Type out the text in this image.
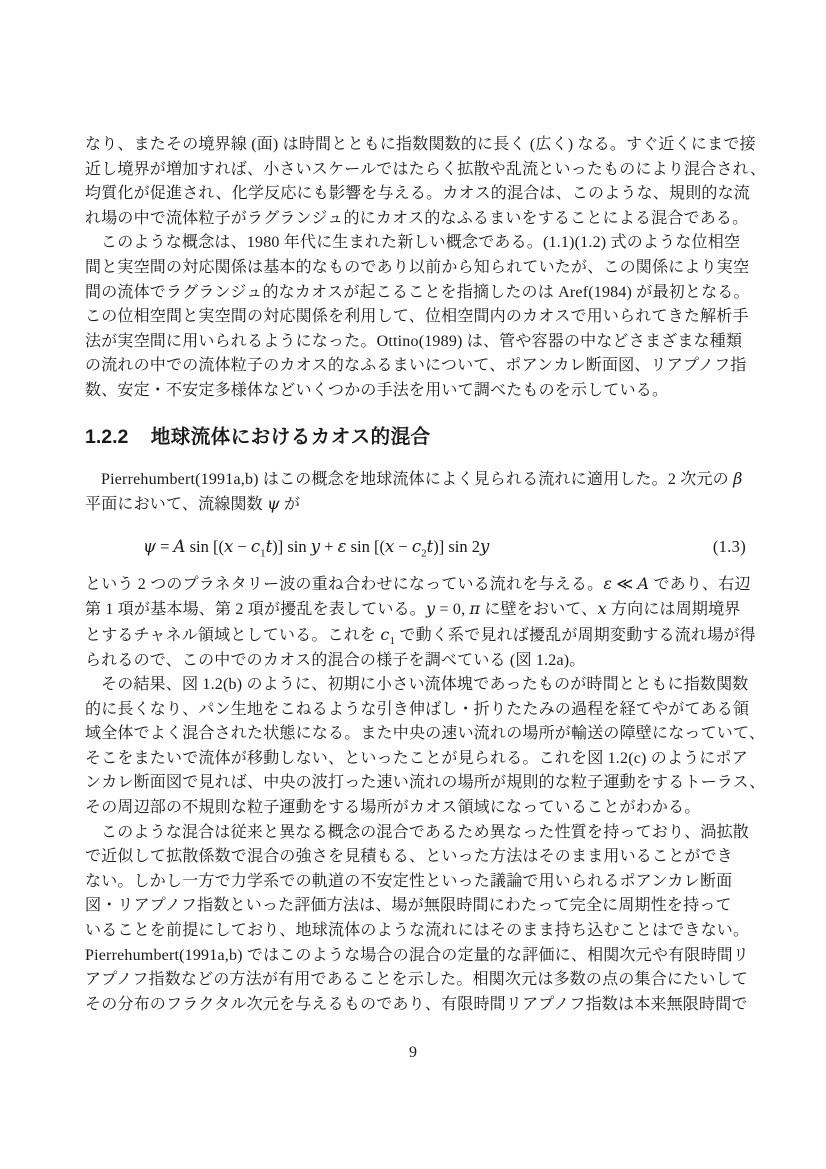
なり、またその境界線 (面) は時間とともに指数関数的に長く (広く) なる。すぐ近くにまで接
近し境界が増加すれば、小さいスケールではたらく拡散や乱流といったものにより混合され、
均質化が促進され、化学反応にも影響を与える。カオス的混合は、このような、規則的な流
れ場の中で流体粒子がラグランジュ的にカオス的なふるまいをすることによる混合である。
このような概念は、1980 年代に生まれた新しい概念である。(1.1)(1.2) 式のような位相空
間と実空間の対応関係は基本的なものであり以前から知られていたが、この関係により実空
間の流体でラグランジュ的なカオスが起こることを指摘したのは Aref(1984) が最初となる。
この位相空間と実空間の対応関係を利用して、位相空間内のカオスで用いられてきた解析手
法が実空間に用いられるようになった。Ottino(1989) は、管や容器の中などさまざまな種類
の流れの中での流体粒子のカオス的なふるまいについて、ポアンカレ断面図、リアプノフ指
数、安定・不安定多様体などいくつかの手法を用いて調べたものを示している。
1.2.2 地球流体におけるカオス的混合
Pierrehumbert(1991a,b) はこの概念を地球流体によく見られる流れに適用した。2 次元の β
平面において、流線関数 ψ が
ψ = A $\sin [(x - c_1t)]$ sin y + ε $\sin [(x - c_2t)]$ sin 2y	(1.3)
という 2 つのプラネタリー波の重ね合わせになっている流れを与える。ε ≪ A であり、右辺
第 1 項が基本場、第 2 項が擾乱を表している。y = 0, π に壁をおいて、x 方向には周期境界
とするチャネル領域としている。これを $c_1$ で動く系で見れば擾乱が周期変動する流れ場が得
られるので、この中でのカオス的混合の様子を調べている (図 1.2a)。
その結果、図 1.2(b) のように、初期に小さい流体塊であったものが時間とともに指数関数
的に長くなり、パン生地をこねるような引き伸ばし・折りたたみの過程を経てやがてある領
域全体でよく混合された状態になる。また中央の速い流れの場所が輸送の障壁になっていて、
そこをまたいで流体が移動しない、といったことが見られる。これを図 1.2(c) のようにポア
ンカレ断面図で見れば、中央の波打った速い流れの場所が規則的な粒子運動をするトーラス、
その周辺部の不規則な粒子運動をする場所がカオス領域になっていることがわかる。
このような混合は従来と異なる概念の混合であるため異なった性質を持っており、渦拡散
で近似して拡散係数で混合の強さを見積もる、といった方法はそのまま用いることができ
ない。しかし一方で力学系での軌道の不安定性といった議論で用いられるポアンカレ断面
図・リアプノフ指数といった評価方法は、場が無限時間にわたって完全に周期性を持って
いることを前提にしており、地球流体のような流れにはそのまま持ち込むことはできない。
Pierrehumbert(1991a,b) ではこのような場合の混合の定量的な評価に、相関次元や有限時間リ
アプノフ指数などの方法が有用であることを示した。相関次元は多数の点の集合にたいして
その分布のフラクタル次元を与えるものであり、有限時間リアプノフ指数は本来無限時間で
9
